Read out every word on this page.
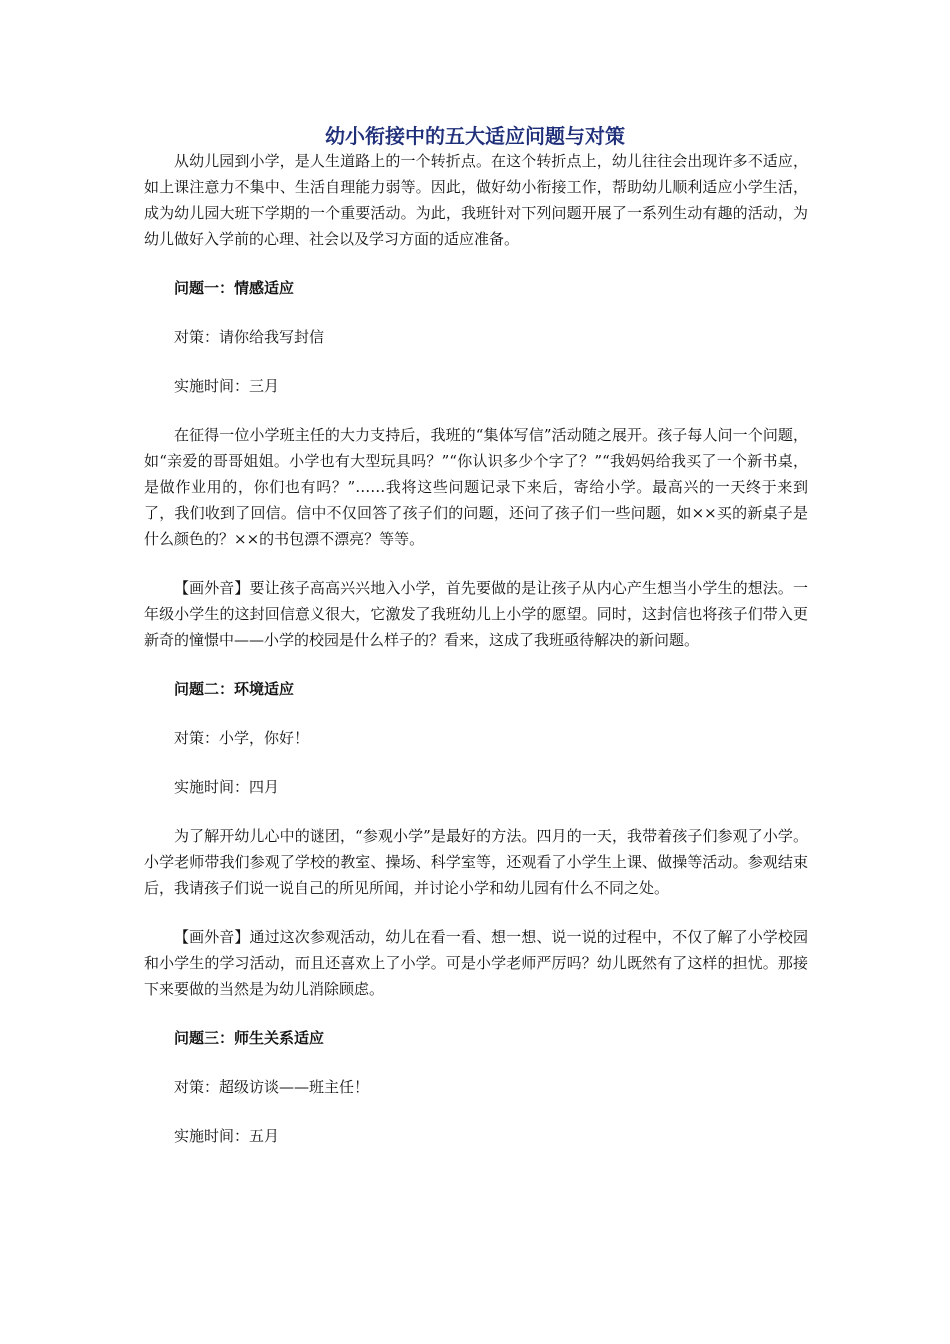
幼小衔接中的五大适应问题与对策

从幼儿园到小学，是人生道路上的一个转折点。在这个转折点上，幼儿往往会出现许多不适应，如上课注意力不集中、生活自理能力弱等。因此，做好幼小衔接工作，帮助幼儿顺利适应小学生活，成为幼儿园大班下学期的一个重要活动。为此，我班针对下列问题开展了一系列生动有趣的活动，为幼儿做好入学前的心理、社会以及学习方面的适应准备。

问题一：情感适应

对策：请你给我写封信

实施时间：三月

在征得一位小学班主任的大力支持后，我班的“集体写信”活动随之展开。孩子每人问一个问题，如“亲爱的哥哥姐姐。小学也有大型玩具吗？”“你认识多少个字了？”“我妈妈给我买了一个新书桌，是做作业用的，你们也有吗？”……我将这些问题记录下来后，寄给小学。最高兴的一天终于来到了，我们收到了回信。信中不仅回答了孩子们的问题，还问了孩子们一些问题，如××买的新桌子是什么颜色的？××的书包漂不漂亮？等等。

【画外音】要让孩子高高兴兴地入小学，首先要做的是让孩子从内心产生想当小学生的想法。一年级小学生的这封回信意义很大，它激发了我班幼儿上小学的愿望。同时，这封信也将孩子们带入更新奇的憧憬中——小学的校园是什么样子的？看来，这成了我班亟待解决的新问题。

问题二：环境适应

对策：小学，你好！

实施时间：四月

为了解开幼儿心中的谜团，“参观小学”是最好的方法。四月的一天，我带着孩子们参观了小学。小学老师带我们参观了学校的教室、操场、科学室等，还观看了小学生上课、做操等活动。参观结束后，我请孩子们说一说自己的所见所闻，并讨论小学和幼儿园有什么不同之处。

【画外音】通过这次参观活动，幼儿在看一看、想一想、说一说的过程中，不仅了解了小学校园和小学生的学习活动，而且还喜欢上了小学。可是小学老师严厉吗？幼儿既然有了这样的担忧。那接下来要做的当然是为幼儿消除顾虑。

问题三：师生关系适应

对策：超级访谈——班主任！

实施时间：五月
